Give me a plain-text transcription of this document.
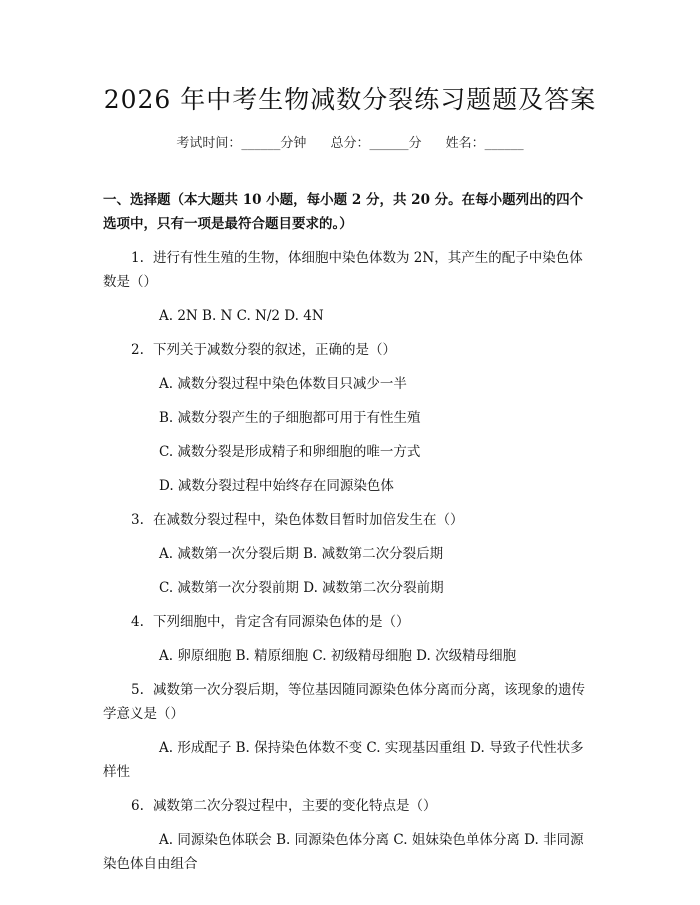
2026 年中考生物减数分裂练习题题及答案
考试时间：______分钟 总分：______分 姓名：______
一、选择题（本大题共 10 小题，每小题 2 分，共 20 分。在每小题列出的四个选项中，只有一项是最符合题目要求的。）

1. 进行有性生殖的生物，体细胞中染色体数为 2N，其产生的配子中染色体数是（）

A. 2N B. N C. N/2 D. 4N

2. 下列关于减数分裂的叙述，正确的是（）

A. 减数分裂过程中染色体数目只减少一半

B. 减数分裂产生的子细胞都可用于有性生殖

C. 减数分裂是形成精子和卵细胞的唯一方式

D. 减数分裂过程中始终存在同源染色体

3. 在减数分裂过程中，染色体数目暂时加倍发生在（）

A. 减数第一次分裂后期 B. 减数第二次分裂后期

C. 减数第一次分裂前期 D. 减数第二次分裂前期

4. 下列细胞中，肯定含有同源染色体的是（）

A. 卵原细胞 B. 精原细胞 C. 初级精母细胞 D. 次级精母细胞

5. 减数第一次分裂后期，等位基因随同源染色体分离而分离，该现象的遗传学意义是（）

A. 形成配子 B. 保持染色体数不变 C. 实现基因重组 D. 导致子代性状多样性

6. 减数第二次分裂过程中，主要的变化特点是（）

A. 同源染色体联会 B. 同源染色体分离 C. 姐妹染色单体分离 D. 非同源染色体自由组合
